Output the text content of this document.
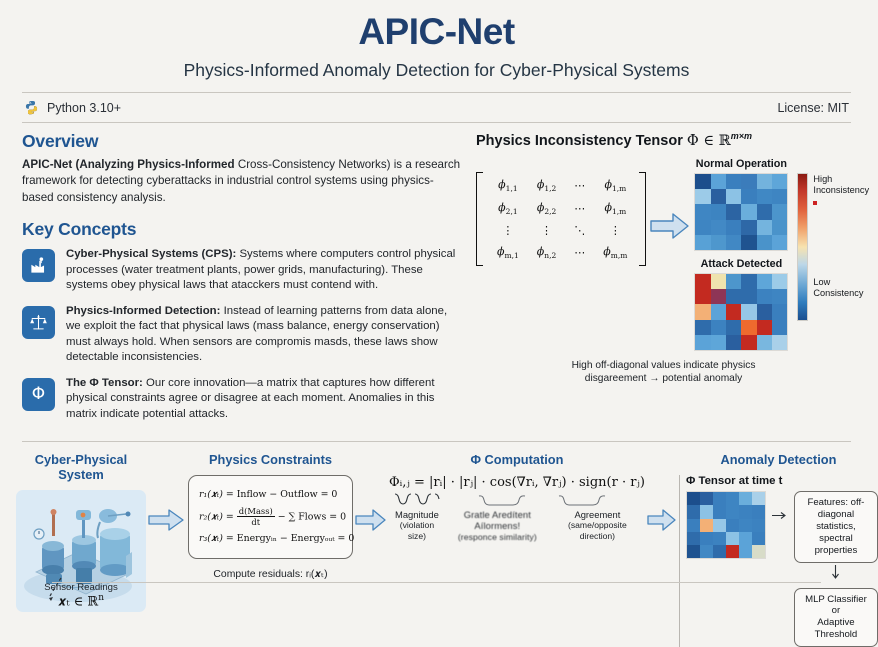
APIC-Net
Physics-Informed Anomaly Detection for Cyber-Physical Systems
Python 3.10+	License: MIT
Overview

APIC-Net (Analyzing Physics-Informed Cross-Consistency Networks) is a research framework for detecting cyberattacks in industrial control systems using physics-based consistency analysis.

Key Concepts
Cyber-Physical Systems (CPS): Systems where computers control physical processes (water treatment plants, power grids, manufacturing). These systems obey physical laws that atacckers must contend with.
Physics-Informed Detection: Instead of learning patterns from data alone, we exploit the fact that physical laws (mass balance, energy conservation) must always hold. When sensors are compromis masds, these laws show detectable inconsistencies.
Φ
The Φ Tensor: Our core innovation—a matrix that captures how different physical constraints agree or disagree at each moment. Anomalies in this matrix indicate potential attacks.
Physics Inconsistency Tensor Φ ∈ ℝ$^{m\times m}$
$\phi_{1,1}$	$\phi_{1,2}$	⋯	$\phi_{1,m}$
$\phi_{2,1}$	$\phi_{2,2}$	⋯	$\phi_{1,m}$
⋮	⋮	⋱	⋮
$\phi_{m,1}$	$\phi_{n,2}$	⋯	$\phi_{m,m}$
Normal Operation
Attack Detected
High
Inconsistency
Low
Consistency
High off-diagonal values indicate physics
disgareement → potential anomaly
Cyber-Physical System
Sensor Readings
𝒙ₜ ∈ ℝ$^n$
Physics Constraints
r₁(𝒙ₜ) = Inflow − Outflow = 0
r₂(𝒙ₜ) =
d(Mass)
dt	− ∑ Flows = 0
r₃(𝒙ₜ) = Energyᵢₙ − Energyₒᵤₜ = 0
Compute residuals: rᵢ(𝒙ₜ)
Φ Computation
Φᵢ,ⱼ = |rᵢ| · |rⱼ| · cos(∇rᵢ, ∇rⱼ) · sign(r · rⱼ)
Magnitude
(violation size)
Gratle Aredítent Aílormens!
(responce similarity)
Agreement
(same/opposite direction)
Anomaly Detection
Φ Tensor at time t
Features: off-
diagonal statistics,
spectral properties
MLP Classifier or
Adaptive Threshold
